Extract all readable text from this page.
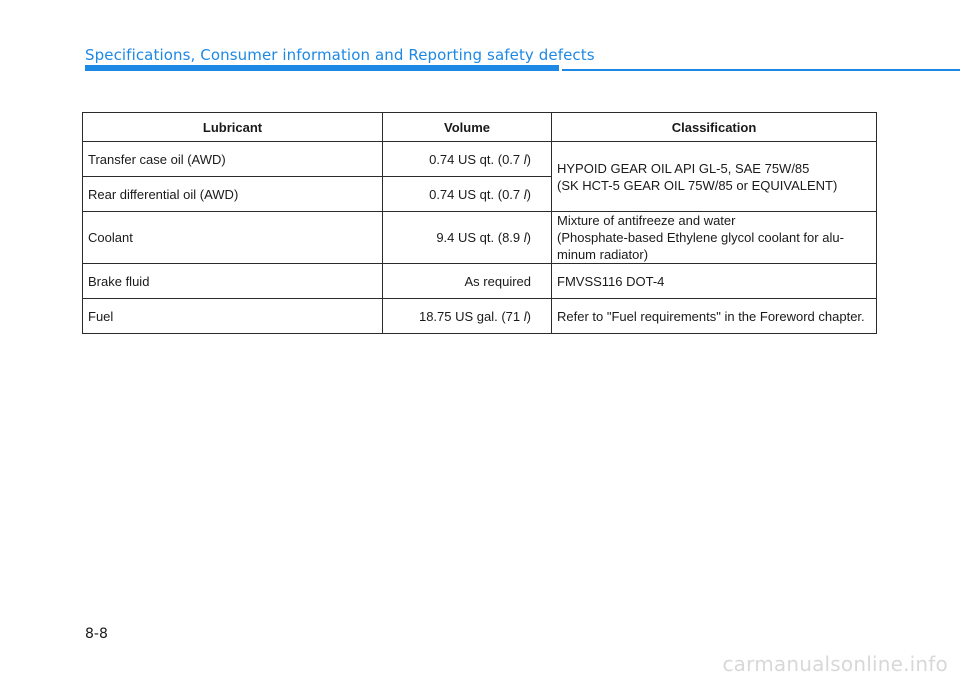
Specifications, Consumer information and Reporting safety defects
Lubricant	Volume	Classification
Transfer case oil (AWD)	0.74 US qt. (0.7 l)	HYPOID GEAR OIL API GL-5, SAE 75W/85
(SK HCT-5 GEAR OIL 75W/85 or EQUIVALENT)
Rear differential oil (AWD)	0.74 US qt. (0.7 l)	
Coolant	9.4 US qt. (8.9 l)	Mixture of antifreeze and water
(Phosphate-based Ethylene glycol coolant for alu-
minum radiator)
Brake fluid	As required	FMVSS116 DOT-4
Fuel	18.75 US gal. (71 l)	Refer to "Fuel requirements" in the Foreword chapter.
8-8
carmanualsonline.info
